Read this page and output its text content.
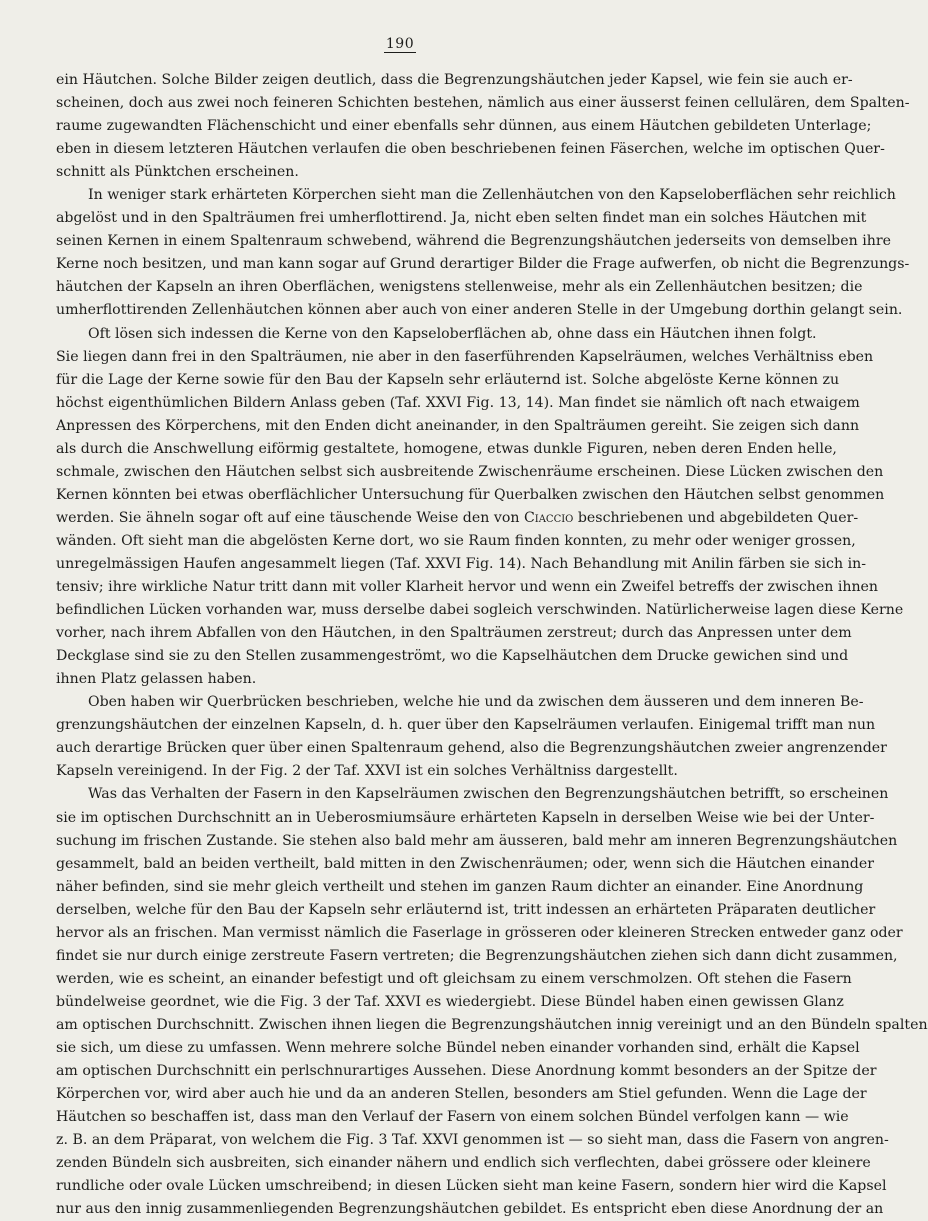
190
ein Häutchen. Solche Bilder zeigen deutlich, dass die Begrenzungshäutchen jeder Kapsel, wie fein sie auch er-
scheinen, doch aus zwei noch feineren Schichten bestehen, nämlich aus einer äusserst feinen cellulären, dem Spalten-
raume zugewandten Flächenschicht und einer ebenfalls sehr dünnen, aus einem Häutchen gebildeten Unterlage;
eben in diesem letzteren Häutchen verlaufen die oben beschriebenen feinen Fäserchen, welche im optischen Quer-
schnitt als Pünktchen erscheinen.
In weniger stark erhärteten Körperchen sieht man die Zellenhäutchen von den Kapseloberflächen sehr reichlich
abgelöst und in den Spalträumen frei umherflottirend. Ja, nicht eben selten findet man ein solches Häutchen mit
seinen Kernen in einem Spaltenraum schwebend, während die Begrenzungshäutchen jederseits von demselben ihre
Kerne noch besitzen, und man kann sogar auf Grund derartiger Bilder die Frage aufwerfen, ob nicht die Begrenzungs-
häutchen der Kapseln an ihren Oberflächen, wenigstens stellenweise, mehr als ein Zellenhäutchen besitzen; die
umherflottirenden Zellenhäutchen können aber auch von einer anderen Stelle in der Umgebung dorthin gelangt sein.
Oft lösen sich indessen die Kerne von den Kapseloberflächen ab, ohne dass ein Häutchen ihnen folgt.
Sie liegen dann frei in den Spalträumen, nie aber in den faserführenden Kapselräumen, welches Verhältniss eben
für die Lage der Kerne sowie für den Bau der Kapseln sehr erläuternd ist. Solche abgelöste Kerne können zu
höchst eigenthümlichen Bildern Anlass geben (Taf. XXVI Fig. 13, 14). Man findet sie nämlich oft nach etwaigem
Anpressen des Körperchens, mit den Enden dicht aneinander, in den Spalträumen gereiht. Sie zeigen sich dann
als durch die Anschwellung eiförmig gestaltete, homogene, etwas dunkle Figuren, neben deren Enden helle,
schmale, zwischen den Häutchen selbst sich ausbreitende Zwischenräume erscheinen. Diese Lücken zwischen den
Kernen könnten bei etwas oberflächlicher Untersuchung für Querbalken zwischen den Häutchen selbst genommen
werden. Sie ähneln sogar oft auf eine täuschende Weise den von Ciaccio beschriebenen und abgebildeten Quer-
wänden. Oft sieht man die abgelösten Kerne dort, wo sie Raum finden konnten, zu mehr oder weniger grossen,
unregelmässigen Haufen angesammelt liegen (Taf. XXVI Fig. 14). Nach Behandlung mit Anilin färben sie sich in-
tensiv; ihre wirkliche Natur tritt dann mit voller Klarheit hervor und wenn ein Zweifel betreffs der zwischen ihnen
befindlichen Lücken vorhanden war, muss derselbe dabei sogleich verschwinden. Natürlicherweise lagen diese Kerne
vorher, nach ihrem Abfallen von den Häutchen, in den Spalträumen zerstreut; durch das Anpressen unter dem
Deckglase sind sie zu den Stellen zusammengeströmt, wo die Kapselhäutchen dem Drucke gewichen sind und
ihnen Platz gelassen haben.
Oben haben wir Querbrücken beschrieben, welche hie und da zwischen dem äusseren und dem inneren Be-
grenzungshäutchen der einzelnen Kapseln, d. h. quer über den Kapselräumen verlaufen. Einigemal trifft man nun
auch derartige Brücken quer über einen Spaltenraum gehend, also die Begrenzungshäutchen zweier angrenzender
Kapseln vereinigend. In der Fig. 2 der Taf. XXVI ist ein solches Verhältniss dargestellt.
Was das Verhalten der Fasern in den Kapselräumen zwischen den Begrenzungshäutchen betrifft, so erscheinen
sie im optischen Durchschnitt an in Ueberosmiumsäure erhärteten Kapseln in derselben Weise wie bei der Unter-
suchung im frischen Zustande. Sie stehen also bald mehr am äusseren, bald mehr am inneren Begrenzungshäutchen
gesammelt, bald an beiden vertheilt, bald mitten in den Zwischenräumen; oder, wenn sich die Häutchen einander
näher befinden, sind sie mehr gleich vertheilt und stehen im ganzen Raum dichter an einander. Eine Anordnung
derselben, welche für den Bau der Kapseln sehr erläuternd ist, tritt indessen an erhärteten Präparaten deutlicher
hervor als an frischen. Man vermisst nämlich die Faserlage in grösseren oder kleineren Strecken entweder ganz oder
findet sie nur durch einige zerstreute Fasern vertreten; die Begrenzungshäutchen ziehen sich dann dicht zusammen,
werden, wie es scheint, an einander befestigt und oft gleichsam zu einem verschmolzen. Oft stehen die Fasern
bündelweise geordnet, wie die Fig. 3 der Taf. XXVI es wiedergiebt. Diese Bündel haben einen gewissen Glanz
am optischen Durchschnitt. Zwischen ihnen liegen die Begrenzungshäutchen innig vereinigt und an den Bündeln spalten
sie sich, um diese zu umfassen. Wenn mehrere solche Bündel neben einander vorhanden sind, erhält die Kapsel
am optischen Durchschnitt ein perlschnurartiges Aussehen. Diese Anordnung kommt besonders an der Spitze der
Körperchen vor, wird aber auch hie und da an anderen Stellen, besonders am Stiel gefunden. Wenn die Lage der
Häutchen so beschaffen ist, dass man den Verlauf der Fasern von einem solchen Bündel verfolgen kann — wie
z. B. an dem Präparat, von welchem die Fig. 3 Taf. XXVI genommen ist — so sieht man, dass die Fasern von angren-
zenden Bündeln sich ausbreiten, sich einander nähern und endlich sich verflechten, dabei grössere oder kleinere
rundliche oder ovale Lücken umschreibend; in diesen Lücken sieht man keine Fasern, sondern hier wird die Kapsel
nur aus den innig zusammenliegenden Begrenzungshäutchen gebildet. Es entspricht eben diese Anordnung der an
